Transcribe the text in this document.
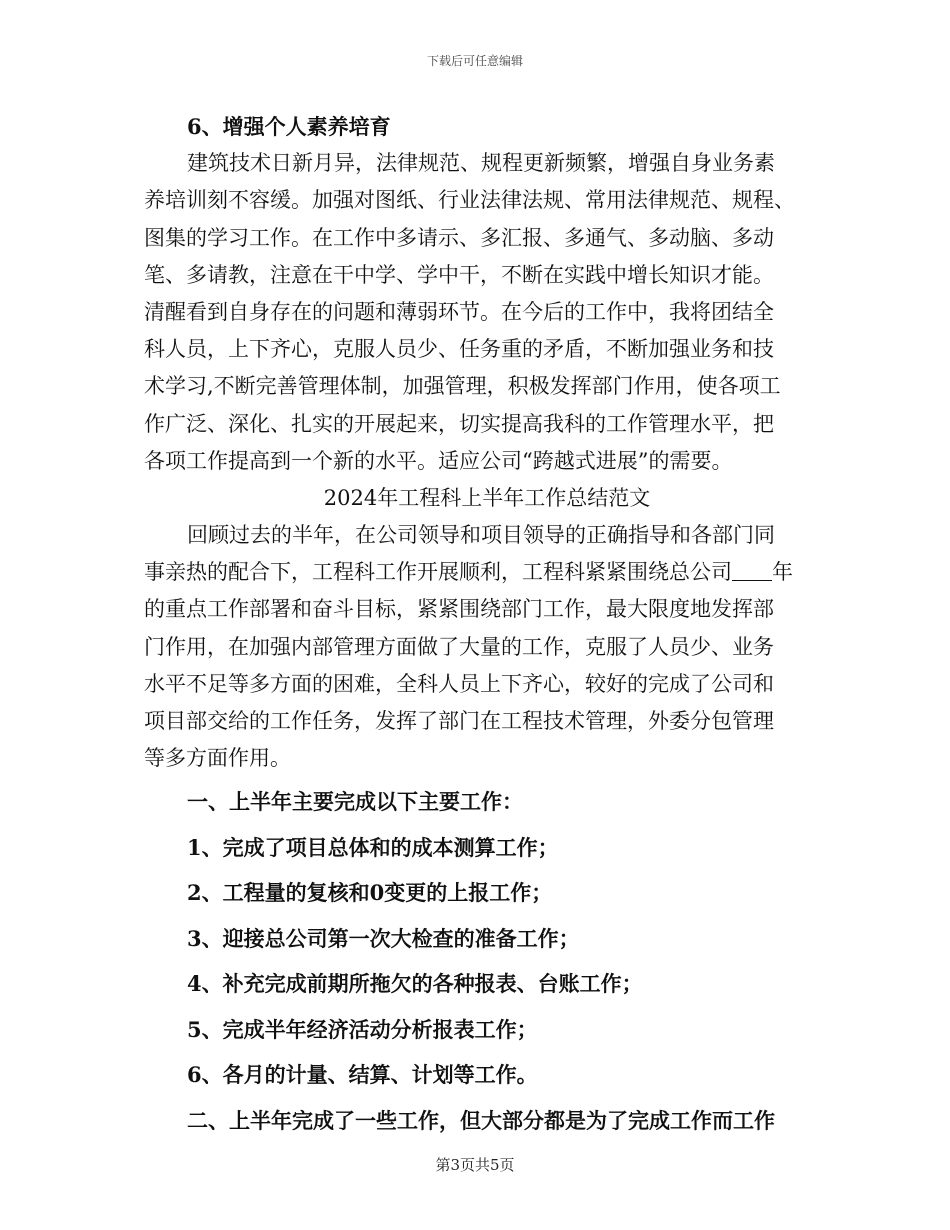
下载后可任意编辑
6、增强个人素养培育
建筑技术日新月异，法律规范、规程更新频繁，增强自身业务素
养培训刻不容缓。加强对图纸、行业法律法规、常用法律规范、规程、
图集的学习工作。在工作中多请示、多汇报、多通气、多动脑、多动
笔、多请教，注意在干中学、学中干，不断在实践中增长知识才能。
清醒看到自身存在的问题和薄弱环节。在今后的工作中，我将团结全
科人员，上下齐心，克服人员少、任务重的矛盾，不断加强业务和技
术学习,不断完善管理体制，加强管理，积极发挥部门作用，使各项工
作广泛、深化、扎实的开展起来，切实提高我科的工作管理水平，把
各项工作提高到一个新的水平。适应公司“跨越式进展”的需要。
2024年工程科上半年工作总结范文
回顾过去的半年，在公司领导和项目领导的正确指导和各部门同
事亲热的配合下，工程科工作开展顺利，工程科紧紧围绕总公司 年
的重点工作部署和奋斗目标，紧紧围绕部门工作，最大限度地发挥部
门作用，在加强内部管理方面做了大量的工作，克服了人员少、业务
水平不足等多方面的困难，全科人员上下齐心，较好的完成了公司和
项目部交给的工作任务，发挥了部门在工程技术管理，外委分包管理
等多方面作用。
一、上半年主要完成以下主要工作：
1、完成了项目总体和的成本测算工作；
2、工程量的复核和0变更的上报工作；
3、迎接总公司第一次大检查的准备工作；
4、补充完成前期所拖欠的各种报表、台账工作；
5、完成半年经济活动分析报表工作；
6、各月的计量、结算、计划等工作。
二、上半年完成了一些工作，但大部分都是为了完成工作而工作
第3页共5页
